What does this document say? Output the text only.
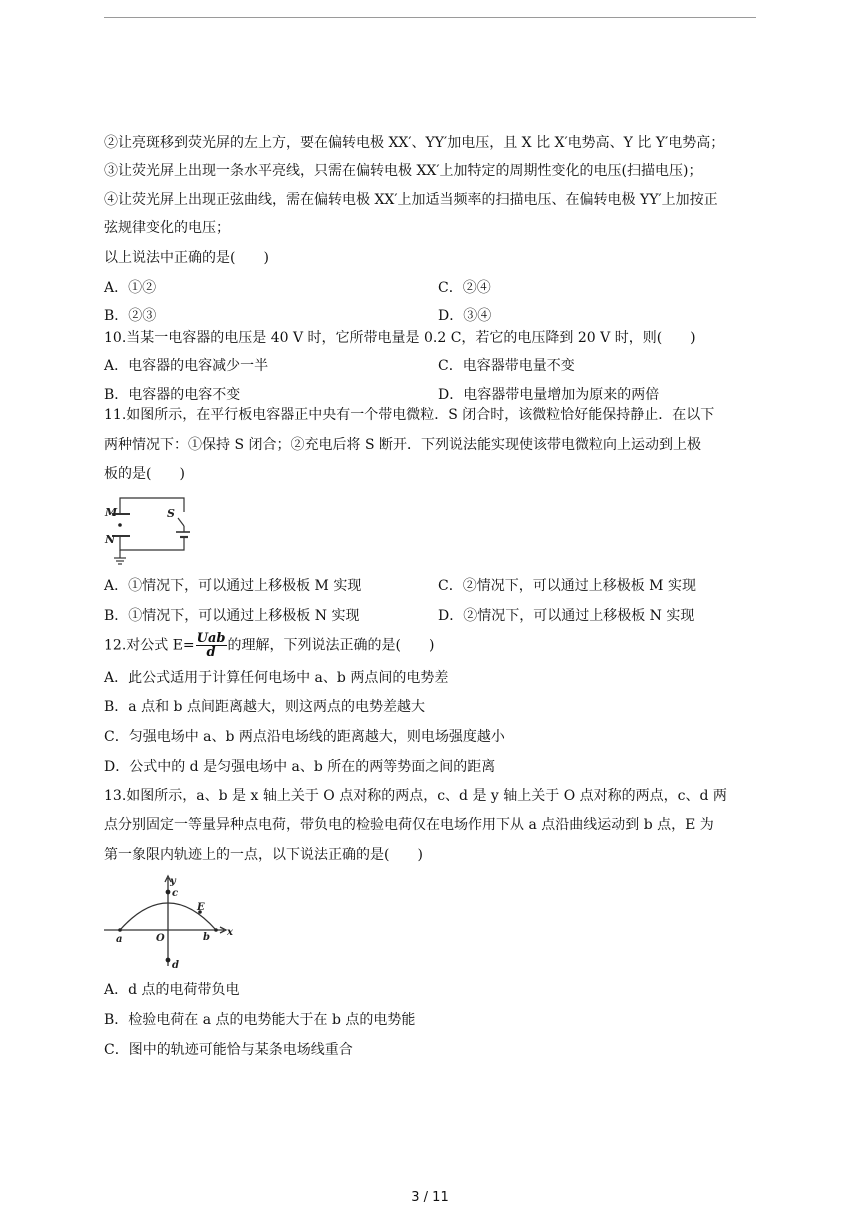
②让亮斑移到荧光屏的左上方，要在偏转电极 XX′、YY′加电压，且 X 比 X′电势高、Y 比 Y′电势高；
③让荧光屏上出现一条水平亮线，只需在偏转电极 XX′上加特定的周期性变化的电压(扫描电压)；
④让荧光屏上出现正弦曲线，需在偏转电极 XX′上加适当频率的扫描电压、在偏转电极 YY′上加按正
弦规律变化的电压；
以上说法中正确的是(　　)
A．①②	C．②④
B．②③	D．③④
10.当某一电容器的电压是 40 V 时，它所带电量是 0.2 C，若它的电压降到 20 V 时，则(　　)
A．电容器的电容减少一半	C．电容器带电量不变
B．电容器的电容不变	D．电容器带电量增加为原来的两倍
11.如图所示，在平行板电容器正中央有一个带电微粒．S 闭合时，该微粒恰好能保持静止．在以下
两种情况下：①保持 S 闭合；②充电后将 S 断开．下列说法能实现使该带电微粒向上运动到上极
板的是(　　)
M
N
S
A．①情况下，可以通过上移极板 M 实现	C．②情况下，可以通过上移极板 M 实现
B．①情况下，可以通过上移极板 N 实现	D．②情况下，可以通过上移极板 N 实现
12.对公式 $E= \frac{\text{Uab}}{d}$ 的理解，下列说法正确的是(　　)
A．此公式适用于计算任何电场中 a、b 两点间的电势差
B．a 点和 b 点间距离越大，则这两点的电势差越大
C．匀强电场中 a、b 两点沿电场线的距离越大，则电场强度越小
D．公式中的 d 是匀强电场中 a、b 所在的两等势面之间的距离
13.如图所示，a、b 是 x 轴上关于 O 点对称的两点，c、d 是 y 轴上关于 O 点对称的两点，c、d 两
点分别固定一等量异种点电荷，带负电的检验电荷仅在电场作用下从 a 点沿曲线运动到 b 点，E 为
第一象限内轨迹上的一点，以下说法正确的是(　　)
y
c
E
a	O	b x
d
A．d 点的电荷带负电
B．检验电荷在 a 点的电势能大于在 b 点的电势能
C．图中的轨迹可能恰与某条电场线重合
3 / 11
